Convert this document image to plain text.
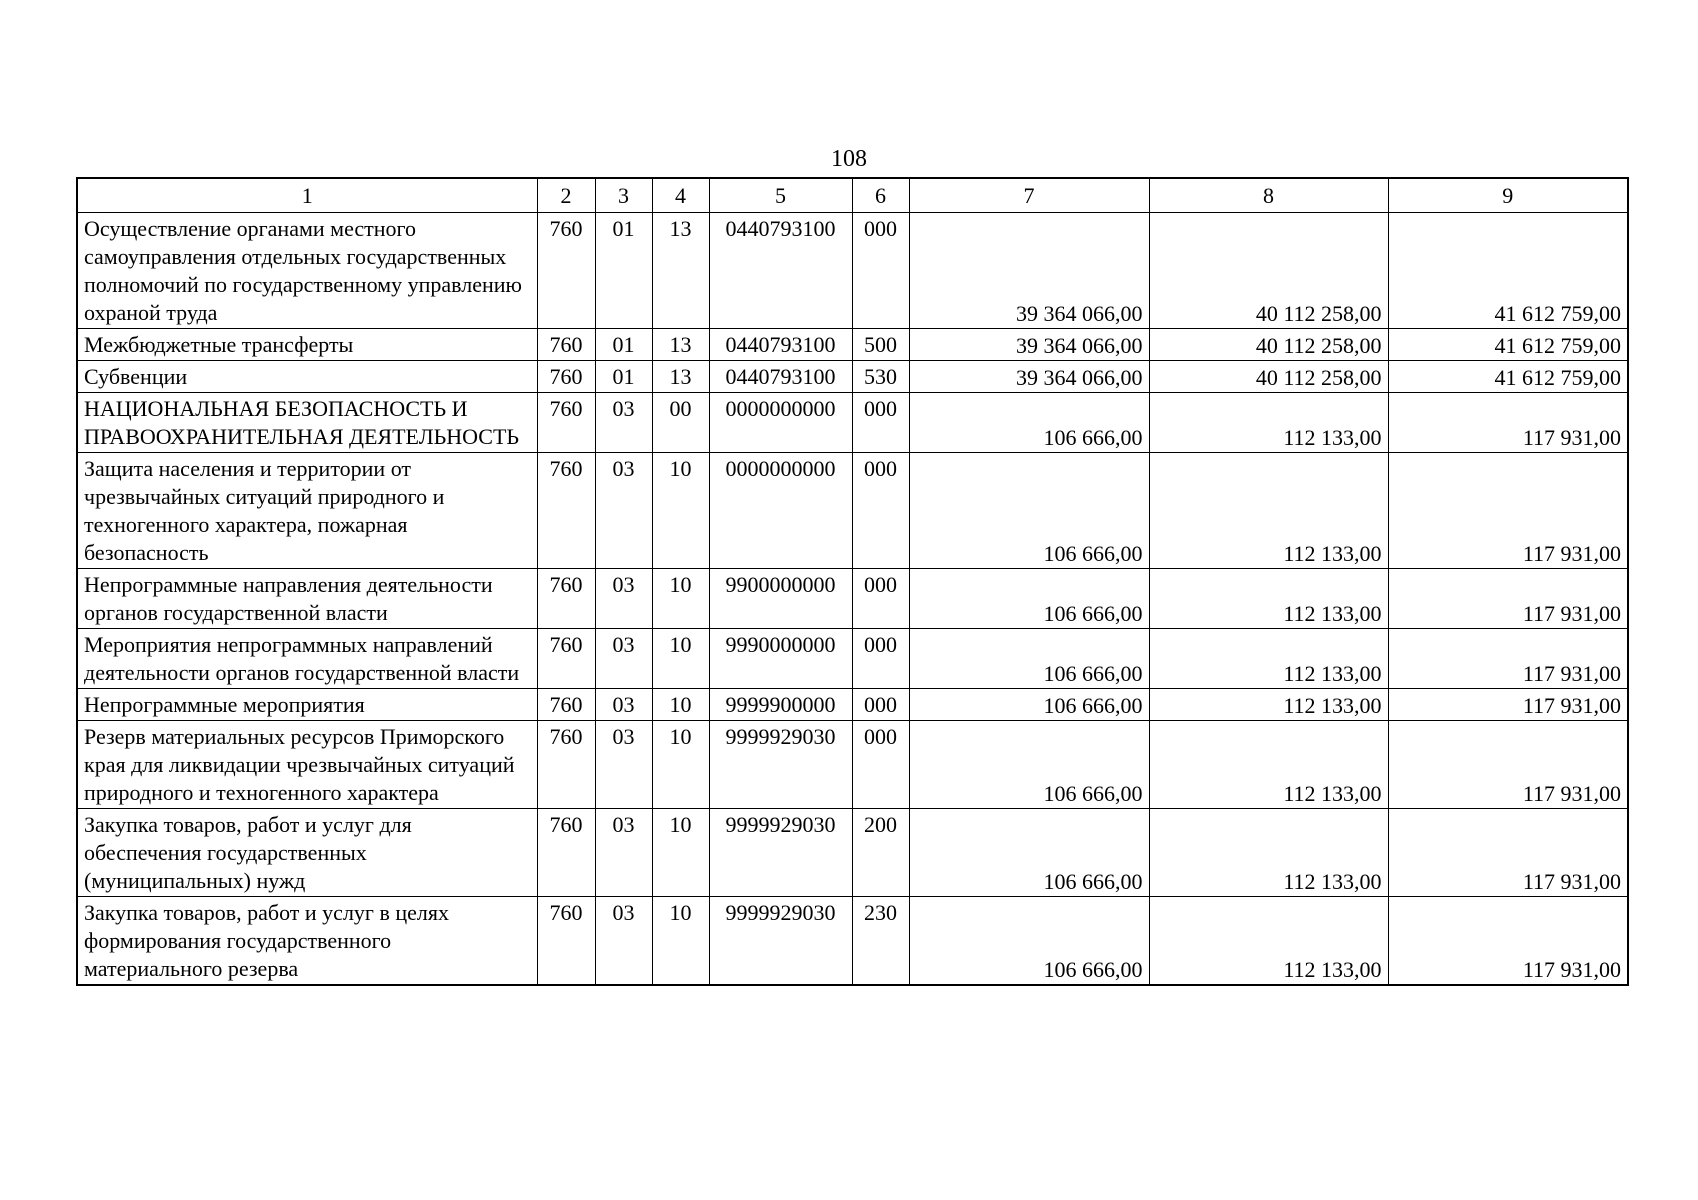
108
1	2	3	4	5	6	7	8	9
Осуществление органами местного самоуправления отдельных государственных полномочий по государственному управлению охраной труда	760	01	13	0440793100	000	39 364 066,00	40 112 258,00	41 612 759,00
Межбюджетные трансферты	760	01	13	0440793100	500	39 364 066,00	40 112 258,00	41 612 759,00
Субвенции	760	01	13	0440793100	530	39 364 066,00	40 112 258,00	41 612 759,00
НАЦИОНАЛЬНАЯ БЕЗОПАСНОСТЬ И ПРАВООХРАНИТЕЛЬНАЯ ДЕЯТЕЛЬНОСТЬ	760	03	00	0000000000	000	106 666,00	112 133,00	117 931,00
Защита населения и территории от чрезвычайных ситуаций природного и техногенного характера, пожарная безопасность	760	03	10	0000000000	000	106 666,00	112 133,00	117 931,00
Непрограммные направления деятельности органов государственной власти	760	03	10	9900000000	000	106 666,00	112 133,00	117 931,00
Мероприятия непрограммных направлений деятельности органов государственной власти	760	03	10	9990000000	000	106 666,00	112 133,00	117 931,00
Непрограммные мероприятия	760	03	10	9999900000	000	106 666,00	112 133,00	117 931,00
Резерв материальных ресурсов Приморского края для ликвидации чрезвычайных ситуаций природного и техногенного характера	760	03	10	9999929030	000	106 666,00	112 133,00	117 931,00
Закупка товаров, работ и услуг для обеспечения государственных (муниципальных) нужд	760	03	10	9999929030	200	106 666,00	112 133,00	117 931,00
Закупка товаров, работ и услуг в целях формирования государственного материального резерва	760	03	10	9999929030	230	106 666,00	112 133,00	117 931,00
